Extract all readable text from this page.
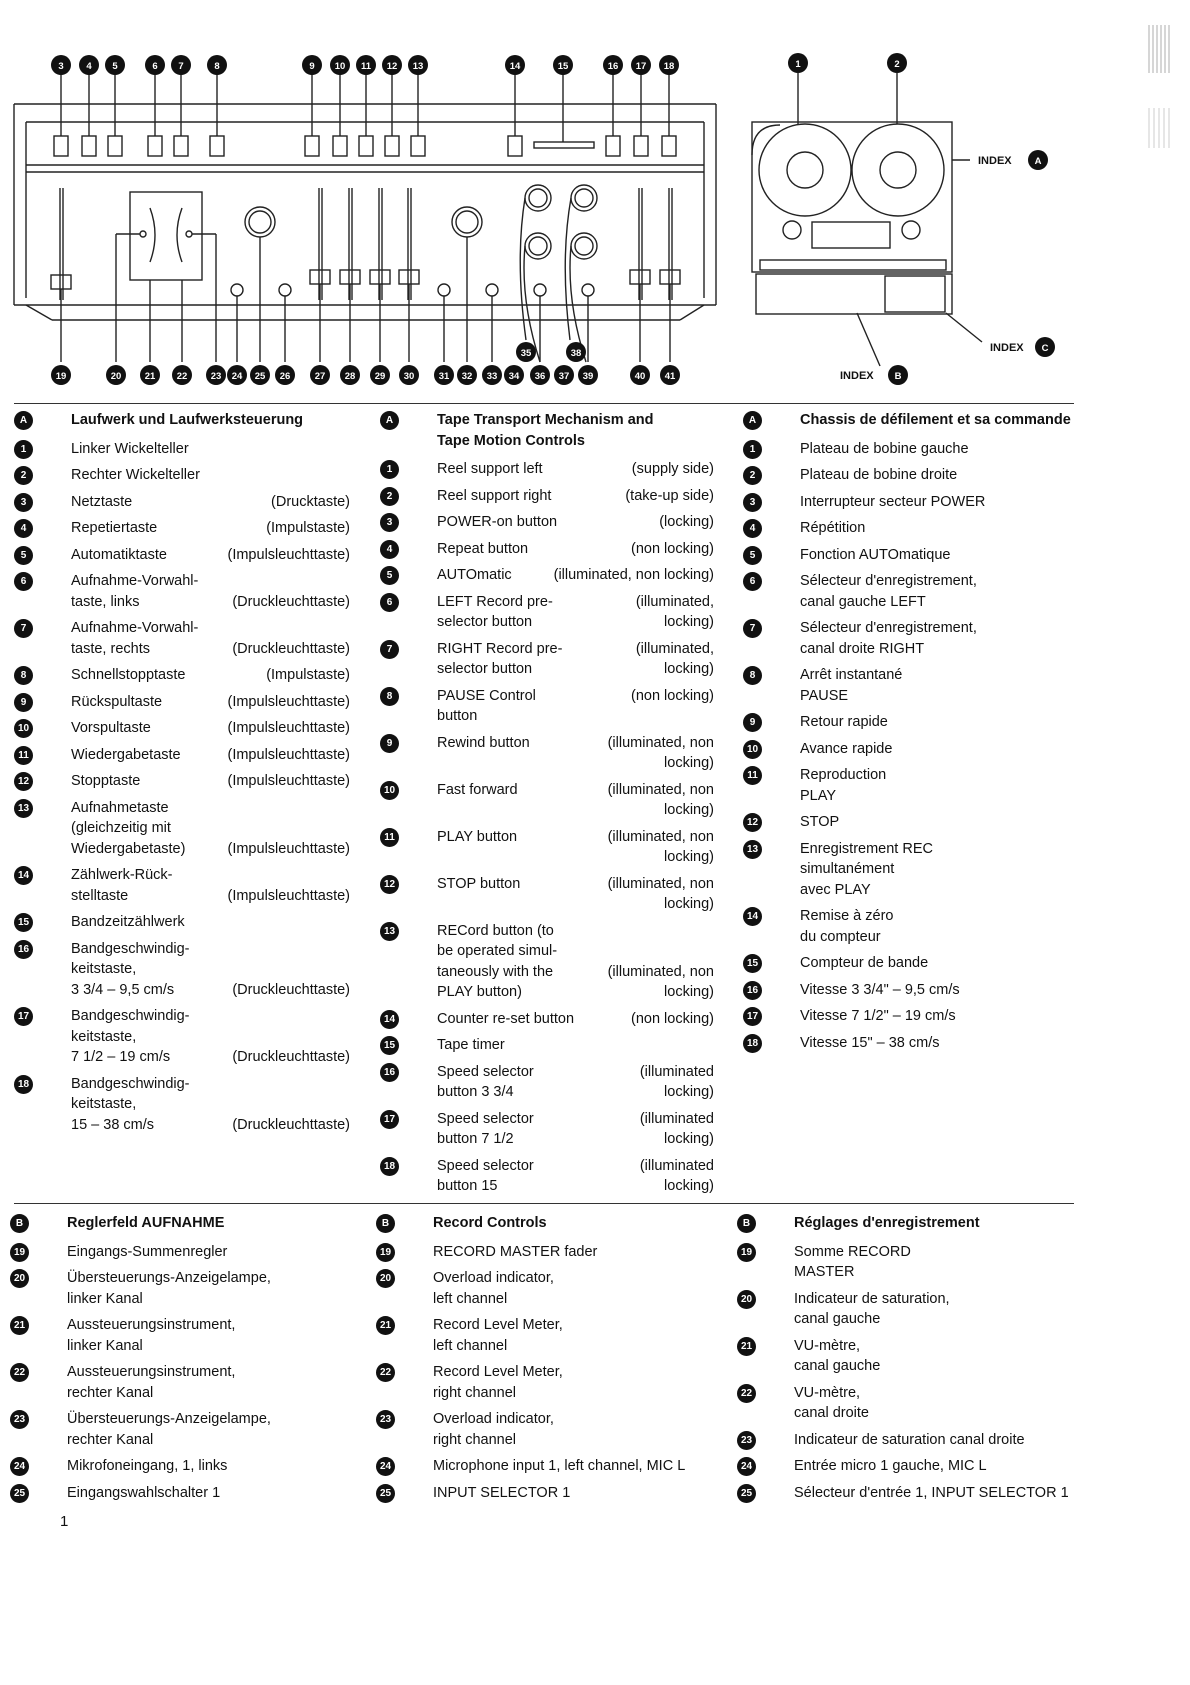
3 4 5	6 7	8	9 10 11 12 13	14	15	16 17 18	1	2
19	20 21 22 23 24 25 26	27 28 29 30	31 32 33 34 36 37 39	40 41
35	38
A
B
C
INDEX
INDEX
INDEX
A	Laufwerk und Laufwerksteuerung
1	Linker Wickelteller
2	Rechter Wickelteller
3	Netztaste	(Drucktaste)
4	Repetiertaste	(Impulstaste)
5	Automatiktaste	(Impulsleuchttaste)
6	Aufnahme-Vorwahl-
taste, links	
(Druckleuchttaste)
7	Aufnahme-Vorwahl-
taste, rechts	
(Druckleuchttaste)
8	Schnellstopptaste	(Impulstaste)
9	Rückspultaste	(Impulsleuchttaste)
10	Vorspultaste	(Impulsleuchttaste)
11	Wiedergabetaste	(Impulsleuchttaste)
12	Stopptaste	(Impulsleuchttaste)
13	Aufnahmetaste
(gleichzeitig mit
Wiedergabetaste)	

(Impulsleuchttaste)
14	Zählwerk-Rück-
stelltaste	
(Impulsleuchttaste)
15	Bandzeitzählwerk
16	Bandgeschwindig-
keitstaste,
3 3/4 – 9,5 cm/s	

(Druckleuchttaste)
17	Bandgeschwindig-
keitstaste,
7 1/2 – 19 cm/s	

(Druckleuchttaste)
18	Bandgeschwindig-
keitstaste,
15 – 38 cm/s	

(Druckleuchttaste)
A	Tape Transport Mechanism and
Tape Motion Controls
1	Reel support left	(supply side)
2	Reel support right	(take-up side)
3	POWER-on button	(locking)
4	Repeat button	(non locking)
5	AUTOmatic	(illuminated, non locking)
6	LEFT Record pre-
selector button
(illuminated,
locking)
7	RIGHT Record pre-
selector button
(illuminated,
locking)
8	PAUSE Control
button
(non locking)
9	Rewind button	(illuminated, non
locking)
10	Fast forward	(illuminated, non
locking)
11	PLAY button	(illuminated, non
locking)
12	STOP button	(illuminated, non
locking)
13	RECord button (to
be operated simul-
taneously with the
PLAY button)

(illuminated, non
locking)
14	Counter re-set button	(non locking)
15	Tape timer
16	Speed selector
button 3 3/4
(illuminated
locking)
17	Speed selector
button 7 1/2
(illuminated
locking)
18	Speed selector
button 15
(illuminated
locking)
A	Chassis de défilement et sa commande
1	Plateau de bobine gauche
2	Plateau de bobine droite
3	Interrupteur secteur POWER
4	Répétition
5	Fonction AUTOmatique
6	Sélecteur d'enregistrement,
canal gauche LEFT
7	Sélecteur d'enregistrement,
canal droite RIGHT
8	Arrêt instantané
PAUSE
9	Retour rapide
10	Avance rapide
11	Reproduction
PLAY
12	STOP
13	Enregistrement REC
simultanément
avec PLAY
14	Remise à zéro
du compteur
15	Compteur de bande
16	Vitesse 3 3/4" – 9,5 cm/s
17	Vitesse 7 1/2" – 19 cm/s
18	Vitesse 15" – 38 cm/s
B	Reglerfeld AUFNAHME
19	Eingangs-Summenregler
20	Übersteuerungs-Anzeigelampe,
linker Kanal
21	Aussteuerungsinstrument,
linker Kanal
22	Aussteuerungsinstrument,
rechter Kanal
23	Übersteuerungs-Anzeigelampe,
rechter Kanal
24	Mikrofoneingang, 1, links
25	Eingangswahlschalter 1
B	Record Controls
19	RECORD MASTER fader
20	Overload indicator,
left channel
21	Record Level Meter,
left channel
22	Record Level Meter,
right channel
23	Overload indicator,
right channel
24	Microphone input 1, left channel, MIC L
25	INPUT SELECTOR 1
B	Réglages d'enregistrement
19	Somme RECORD
MASTER
20	Indicateur de saturation,
canal gauche
21	VU-mètre,
canal gauche
22	VU-mètre,
canal droite
23	Indicateur de saturation canal droite
24	Entrée micro 1 gauche, MIC L
25	Sélecteur d'entrée 1, INPUT SELECTOR 1
1
